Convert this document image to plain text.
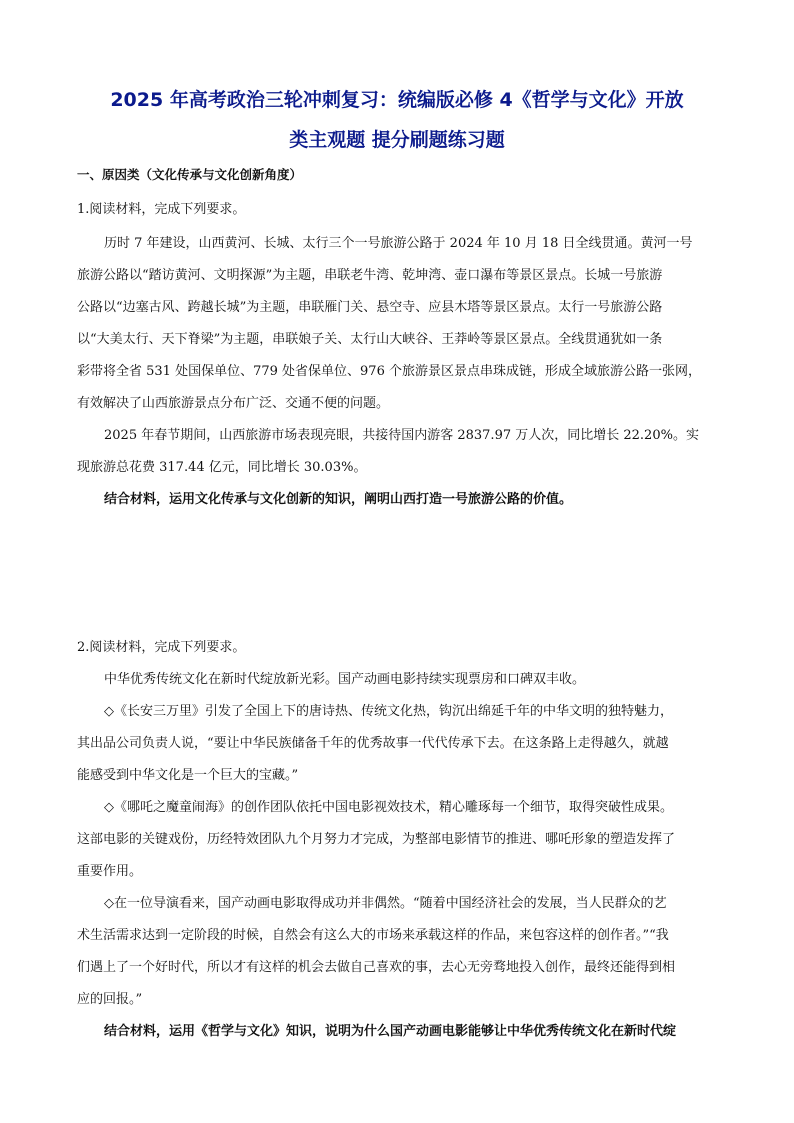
2025 年高考政治三轮冲刺复习：统编版必修 4《哲学与文化》开放
类主观题 提分刷题练习题
一、原因类（文化传承与文化创新角度）
1.阅读材料，完成下列要求。
历时 7 年建设，山西黄河、长城、太行三个一号旅游公路于 2024 年 10 月 18 日全线贯通。黄河一号
旅游公路以“踏访黄河、文明探源”为主题，串联老牛湾、乾坤湾、壶口瀑布等景区景点。长城一号旅游
公路以“边塞古风、跨越长城”为主题，串联雁门关、悬空寺、应县木塔等景区景点。太行一号旅游公路
以“大美太行、天下脊梁”为主题，串联娘子关、太行山大峡谷、王莽岭等景区景点。全线贯通犹如一条
彩带将全省 531 处国保单位、779 处省保单位、976 个旅游景区景点串珠成链，形成全域旅游公路一张网，
有效解决了山西旅游景点分布广泛、交通不便的问题。
2025 年春节期间，山西旅游市场表现亮眼，共接待国内游客 2837.97 万人次，同比增长 22.20%。实
现旅游总花费 317.44 亿元，同比增长 30.03%。
结合材料，运用文化传承与文化创新的知识，阐明山西打造一号旅游公路的价值。
2.阅读材料，完成下列要求。
中华优秀传统文化在新时代绽放新光彩。国产动画电影持续实现票房和口碑双丰收。
◇《长安三万里》引发了全国上下的唐诗热、传统文化热，钩沉出绵延千年的中华文明的独特魅力，
其出品公司负责人说，“要让中华民族储备千年的优秀故事一代代传承下去。在这条路上走得越久，就越
能感受到中华文化是一个巨大的宝藏。”
◇《哪吒之魔童闹海》的创作团队依托中国电影视效技术，精心雕琢每一个细节，取得突破性成果。
这部电影的关键戏份，历经特效团队九个月努力才完成，为整部电影情节的推进、哪吒形象的塑造发挥了
重要作用。
◇在一位导演看来，国产动画电影取得成功并非偶然。“随着中国经济社会的发展，当人民群众的艺
术生活需求达到一定阶段的时候，自然会有这么大的市场来承载这样的作品，来包容这样的创作者。”“我
们遇上了一个好时代，所以才有这样的机会去做自己喜欢的事，去心无旁骛地投入创作，最终还能得到相
应的回报。”
结合材料，运用《哲学与文化》知识，说明为什么国产动画电影能够让中华优秀传统文化在新时代绽
